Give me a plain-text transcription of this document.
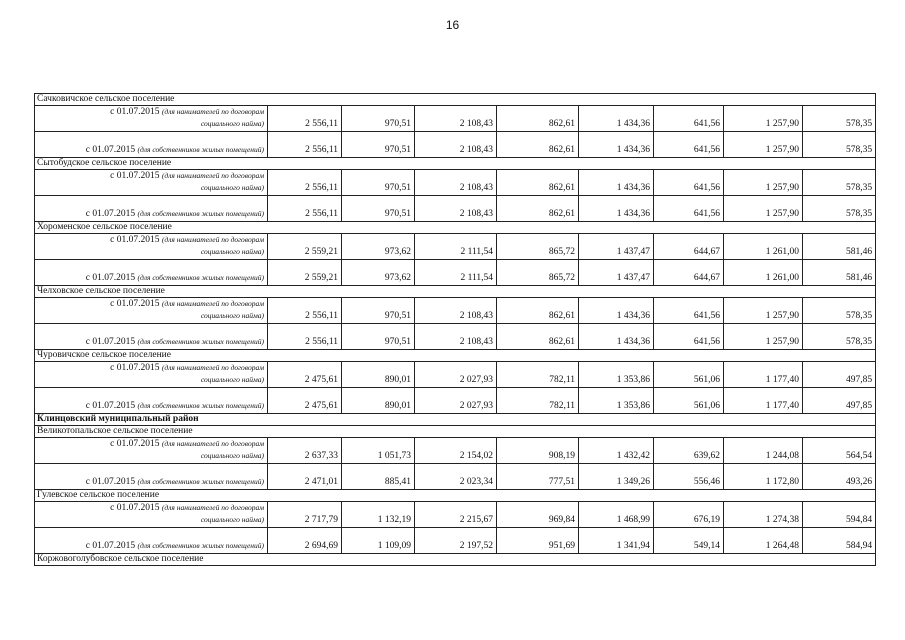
16
Сачковичское сельское поселение								
с 01.07.2015 (для нанимателей по договорам
социального найма)	2 556,11	970,51	2 108,43	862,61	1 434,36	641,56	1 257,90	578,35
с 01.07.2015 (для собственников жилых помещений)	2 556,11	970,51	2 108,43	862,61	1 434,36	641,56	1 257,90	578,35
Сытобудское сельское поселение								
с 01.07.2015 (для нанимателей по договорам
социального найма)	2 556,11	970,51	2 108,43	862,61	1 434,36	641,56	1 257,90	578,35
с 01.07.2015 (для собственников жилых помещений)	2 556,11	970,51	2 108,43	862,61	1 434,36	641,56	1 257,90	578,35
Хороменское сельское поселение								
с 01.07.2015 (для нанимателей по договорам
социального найма)	2 559,21	973,62	2 111,54	865,72	1 437,47	644,67	1 261,00	581,46
с 01.07.2015 (для собственников жилых помещений)	2 559,21	973,62	2 111,54	865,72	1 437,47	644,67	1 261,00	581,46
Челховское сельское поселение								
с 01.07.2015 (для нанимателей по договорам
социального найма)	2 556,11	970,51	2 108,43	862,61	1 434,36	641,56	1 257,90	578,35
с 01.07.2015 (для собственников жилых помещений)	2 556,11	970,51	2 108,43	862,61	1 434,36	641,56	1 257,90	578,35
Чуровичское сельское поселение								
с 01.07.2015 (для нанимателей по договорам
социального найма)	2 475,61	890,01	2 027,93	782,11	1 353,86	561,06	1 177,40	497,85
с 01.07.2015 (для собственников жилых помещений)	2 475,61	890,01	2 027,93	782,11	1 353,86	561,06	1 177,40	497,85
Клинцовский муниципальный район								
Великотопальское сельское поселение								
с 01.07.2015 (для нанимателей по договорам
социального найма)	2 637,33	1 051,73	2 154,02	908,19	1 432,42	639,62	1 244,08	564,54
с 01.07.2015 (для собственников жилых помещений)	2 471,01	885,41	2 023,34	777,51	1 349,26	556,46	1 172,80	493,26
Гулевское сельское поселение								
с 01.07.2015 (для нанимателей по договорам
социального найма)	2 717,79	1 132,19	2 215,67	969,84	1 468,99	676,19	1 274,38	594,84
с 01.07.2015 (для собственников жилых помещений)	2 694,69	1 109,09	2 197,52	951,69	1 341,94	549,14	1 264,48	584,94
Коржовоголубовское сельское поселение								
